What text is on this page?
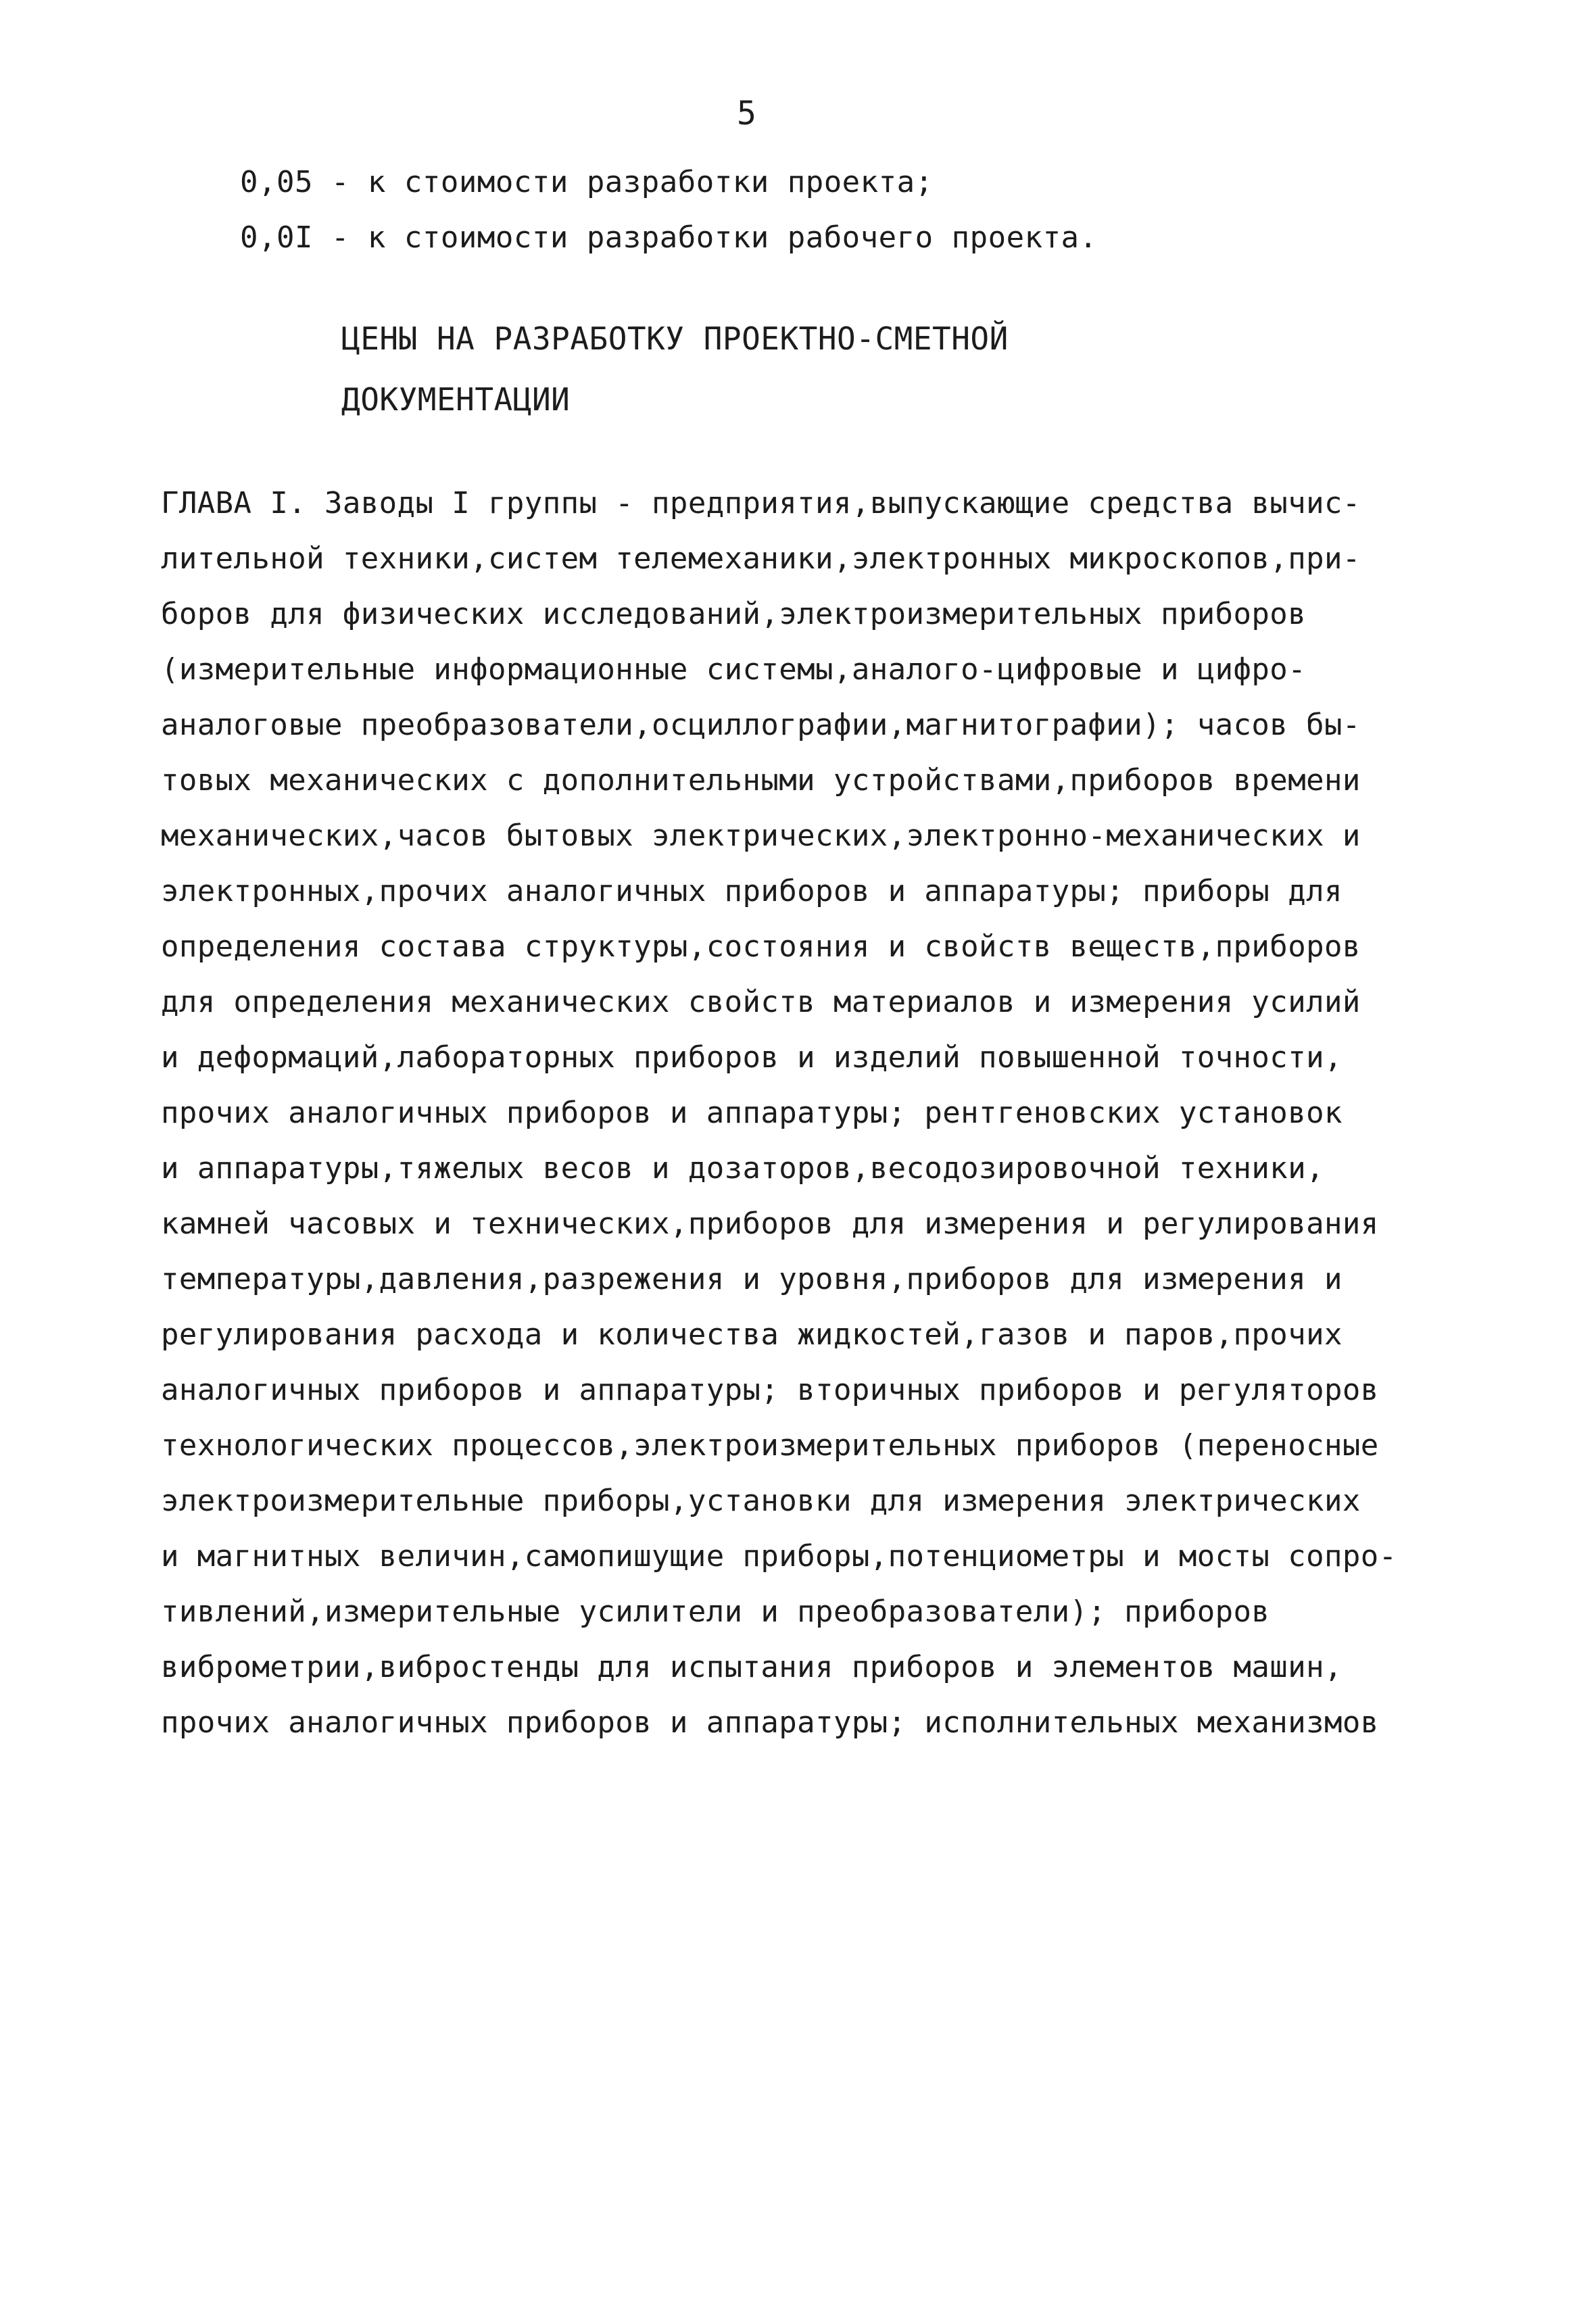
5
0,05 - к стоимости разработки проекта;
0,0I - к стоимости разработки рабочего проекта.
ЦЕНЫ НА РАЗРАБОТКУ ПРОЕКТНО-СМЕТНОЙ
ДОКУМЕНТАЦИИ
ГЛАВА I. Заводы I группы - предприятия,выпускающие средства вычис-
лительной техники,систем телемеханики,электронных микроскопов,при-
боров для физических исследований,электроизмерительных приборов
(измерительные информационные системы,аналого-цифровые и цифро-
аналоговые преобразователи,осциллографии,магнитографии); часов бы-
товых механических с дополнительными устройствами,приборов времени
механических,часов бытовых электрических,электронно-механических и
электронных,прочих аналогичных приборов и аппаратуры; приборы для
определения состава структуры,состояния и свойств веществ,приборов
для определения механических свойств материалов и измерения усилий
и деформаций,лабораторных приборов и изделий повышенной точности,
прочих аналогичных приборов и аппаратуры; рентгеновских установок
и аппаратуры,тяжелых весов и дозаторов,весодозировочной техники,
камней часовых и технических,приборов для измерения и регулирования
температуры,давления,разрежения и уровня,приборов для измерения и
регулирования расхода и количества жидкостей,газов и паров,прочих
аналогичных приборов и аппаратуры; вторичных приборов и регуляторов
технологических процессов,электроизмерительных приборов (переносные
электроизмерительные приборы,установки для измерения электрических
и магнитных величин,самопишущие приборы,потенциометры и мосты сопро-
тивлений,измерительные усилители и преобразователи); приборов
виброметрии,вибростенды для испытания приборов и элементов машин,
прочих аналогичных приборов и аппаратуры; исполнительных механизмов
